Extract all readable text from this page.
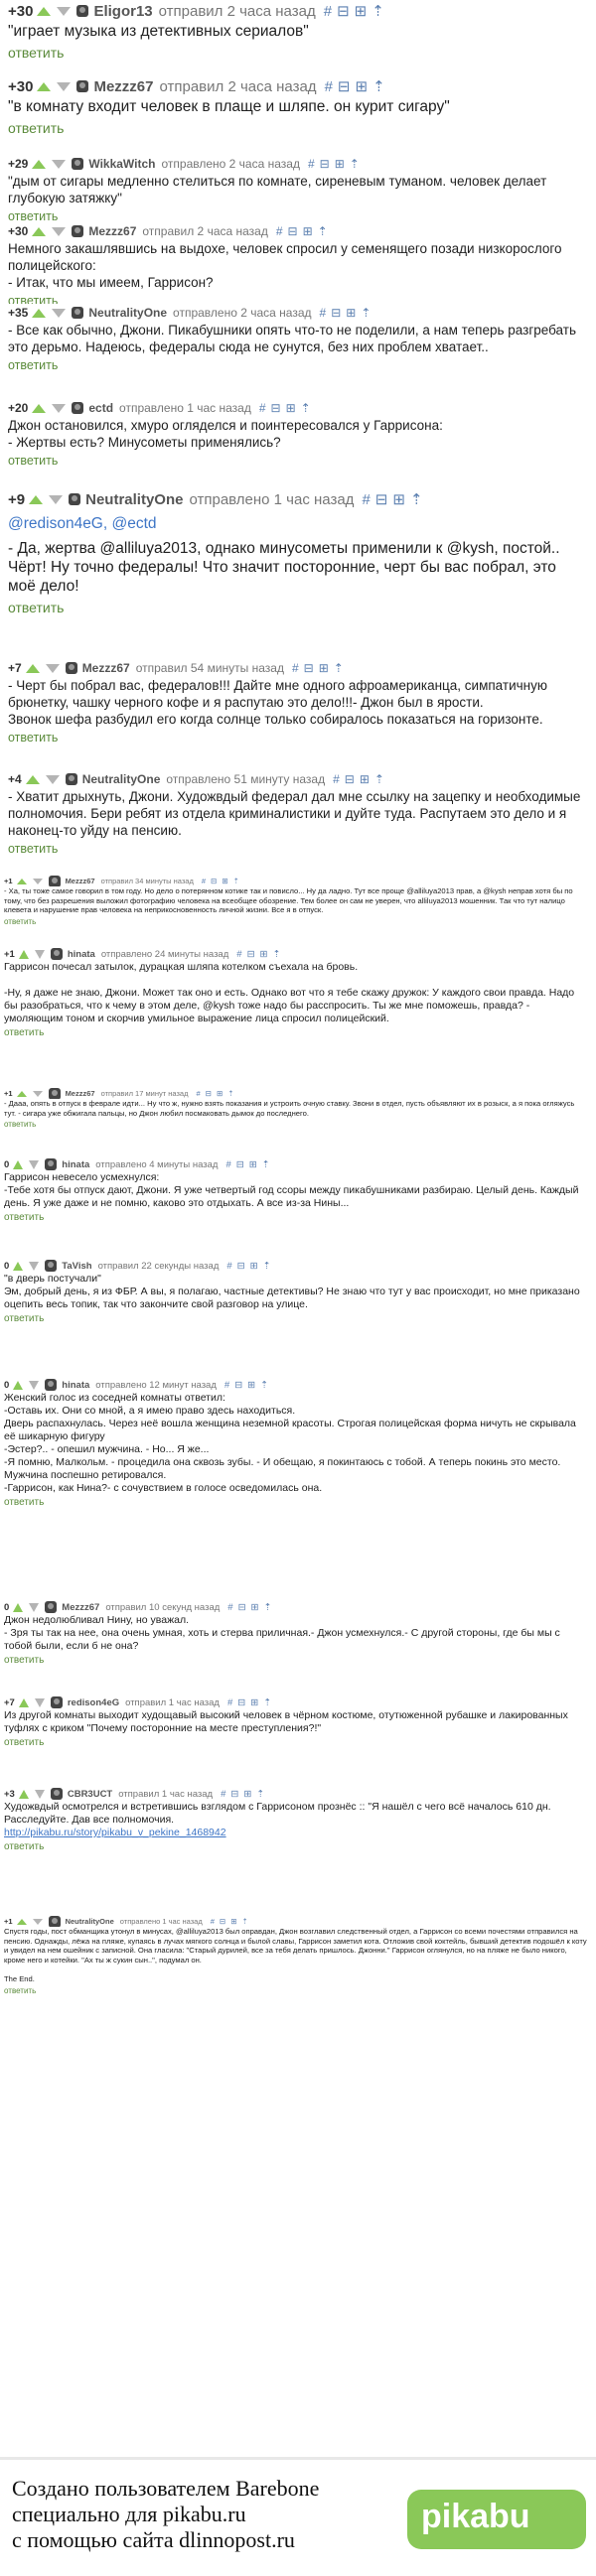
+30	Eligor13 отправил 2 часа назад # ⊟ ⊞ ⇡
"играет музыка из детективных сериалов"
ответить
+30	Mezzz67 отправил 2 часа назад # ⊟ ⊞ ⇡
"в комнату входит человек в плаще и шляпе. он курит сигару"
ответить
+29	WikkaWitch отправлено 2 часа назад # ⊟ ⊞ ⇡
"дым от сигары медленно стелиться по комнате, сиреневым туманом. человек делает глубокую затяжку"
ответить
+30	Mezzz67 отправил 2 часа назад # ⊟ ⊞ ⇡
Немного закашлявшись на выдохе, человек спросил у семенящего позади низкорослого полицейского:
- Итак, что мы имеем, Гаррисон?
ответить
+35	NeutralityOne отправлено 2 часа назад # ⊟ ⊞ ⇡
- Все как обычно, Джони. Пикабушники опять что-то не поделили, а нам теперь разгребать это дерьмо. Надеюсь, федералы сюда не сунутся, без них проблем хватает..
ответить
+20	ectd отправлено 1 час назад # ⊟ ⊞ ⇡
Джон остановился, хмуро огляделся и поинтересовался у Гаррисона:
- Жертвы есть? Минусометы применялись?
ответить
+9	NeutralityOne отправлено 1 час назад # ⊟ ⊞ ⇡
@redison4eG, @ectd
- Да, жертва @alliluya2013, однако минусометы применили к @kysh, постой.. Чёрт! Ну точно федералы! Что значит посторонние, черт бы вас побрал, это моё дело!
ответить
+7	Mezzz67 отправил 54 минуты назад # ⊟ ⊞ ⇡
- Черт бы побрал вас, федералов!!! Дайте мне одного афроамериканца, симпатичную брюнетку, чашку черного кофе и я распутаю это дело!!!- Джон был в ярости.
Звонок шефа разбудил его когда солнце только собиралось показаться на горизонте.
ответить
+4	NeutralityOne отправлено 51 минуту назад # ⊟ ⊞ ⇡
- Хватит дрыхнуть, Джони. Художвдый федерал дал мне ссылку на зацепку и необходимые полномочия. Бери ребят из отдела криминалистики и дуйте туда. Распутаем это дело и я наконец-то уйду на пенсию.
ответить
+1	Mezzz67 отправил 34 минуты назад # ⊟ ⊞ ⇡
- Ха, ты тоже самое говорил в том году. Но дело о потерянном котике так и повисло... Ну да ладно. Тут все проще @alliluya2013 прав, а @kysh неправ хотя бы по тому, что без разрешения выложил фотографию человека на всеобщее обозрение. Тем более он сам не уверен, что alliluya2013 мошенник. Так что тут налицо клевета и нарушение прав человека на неприкосновенность личной жизни. Все я в отпуск.
ответить
+1	hinata отправлено 24 минуты назад # ⊟ ⊞ ⇡
Гаррисон почесал затылок, дурацкая шляпа котелком съехала на бровь.

-Ну, я даже не знаю, Джони. Может так оно и есть. Однако вот что я тебе скажу дружок: У каждого свои правда. Надо бы разобраться, что к чему в этом деле, @kysh тоже надо бы расспросить. Ты же мне поможешь, правда? - умоляющим тоном и скорчив умильное выражение лица спросил полицейский.
ответить
+1	Mezzz67 отправил 17 минут назад # ⊟ ⊞ ⇡
- Дааа, опять в отпуск в феврале идти... Ну что ж, нужно взять показания и устроить очную ставку. Звони в отдел, пусть объявляют их в розыск, а я пока огляжусь тут. - сигара уже обжигала пальцы, но Джон любил посмаковать дымок до последнего.
ответить
0	hinata отправлено 4 минуты назад # ⊟ ⊞ ⇡
Гаррисон невесело усмехнулся:
-Тебе хотя бы отпуск дают, Джони. Я уже четвертый год ссоры между пикабушниками разбираю. Целый день. Каждый день. Я уже даже и не помню, каково это отдыхать. А все из-за Нины...
ответить
0	TaVish отправил 22 секунды назад # ⊟ ⊞ ⇡
"в дверь постучали"
Эм, добрый день, я из ФБР. А вы, я полагаю, частные детективы? Не знаю что тут у вас происходит, но мне приказано оцепить весь топик, так что закончите свой разговор на улице.
ответить
0	hinata отправлено 12 минут назад # ⊟ ⊞ ⇡
Женский голос из соседней комнаты ответил:
-Оставь их. Они со мной, а я имею право здесь находиться.
Дверь распахнулась. Через неё вошла женщина неземной красоты. Строгая полицейская форма ничуть не скрывала её шикарную фигуру
-Эстер?.. - опешил мужчина. - Но... Я же...
-Я помню, Малкольм. - процедила она сквозь зубы. - И обещаю, я покинтаюсь с тобой. А теперь покинь это место.
Мужчина поспешно ретировался.
-Гаррисон, как Нина?- с сочувствием в голосе осведомилась она.
ответить
0	Mezzz67 отправил 10 секунд назад # ⊟ ⊞ ⇡
Джон недолюбливал Нину, но уважал.
- Зря ты так на нее, она очень умная, хоть и стерва приличная.- Джон усмехнулся.- С другой стороны, где бы мы с тобой были, если б не она?
ответить
+7	redison4eG отправил 1 час назад # ⊟ ⊞ ⇡
Из другой комнаты выходит худощавый высокий человек в чёрном костюме, отутюженной рубашке и лакированных туфлях с криком "Почему посторонние на месте преступления?!"
ответить
+3	CBR3UCT отправил 1 час назад # ⊟ ⊞ ⇡
Художвдый осмотрелся и встретившись взглядом с Гаррисоном прознёс :: "Я нашёл с чего всё началось 610 дн. Расследуйте. Дав все полномочия.
http://pikabu.ru/story/pikabu_v_pekine_1468942
ответить
+1	NeutralityOne отправлено 1 час назад # ⊟ ⊞ ⇡
Спустя годы, пост обманщика утонул в минусах, @alliluya2013 был оправдан, Джон возглавил следственный отдел, а Гаррисон со всеми почестями отправился на пенсию. Однажды, лёжа на пляже, купаясь в лучах мягкого солнца и былой славы, Гаррисон заметил кота. Отложив свой коктейль, бывший детектив подошёл к коту и увидел на нем ошейник с записной. Она гласила: "Старый дурилей, все за тебя делать пришлось. Джонни." Гаррисон оглянулся, но на пляже не было никого, кроме него и котейки. "Ах ты ж сукин сын..", подумал он.

The End.
ответить
Создано пользователем Barebone
специально для pikabu.ru
с помощью сайта dlinnopost.ru
pikabu
